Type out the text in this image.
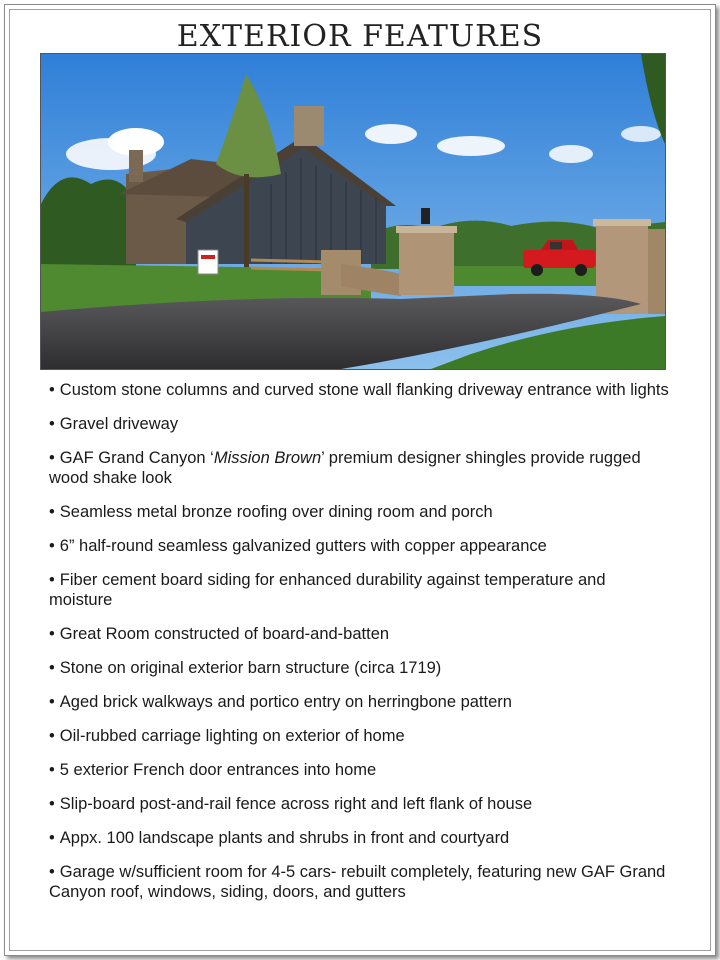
EXTERIOR FEATURES
• Custom stone columns and curved stone wall flanking driveway entrance with lights
• Gravel driveway
• GAF Grand Canyon ‘Mission Brown’ premium designer shingles provide rugged wood shake look
• Seamless metal bronze roofing over dining room and porch
• 6” half-round seamless galvanized gutters with copper appearance
• Fiber cement board siding for enhanced durability against temperature and moisture
• Great Room constructed of board-and-batten
• Stone on original exterior barn structure (circa 1719)
• Aged brick walkways and portico entry on herringbone pattern
• Oil-rubbed carriage lighting on exterior of home
• 5 exterior French door entrances into home
• Slip-board post-and-rail fence across right and left flank of house
• Appx. 100 landscape plants and shrubs in front and courtyard
• Garage w/sufficient room for 4-5 cars- rebuilt completely, featuring new GAF Grand Canyon roof, windows, siding, doors, and gutters
